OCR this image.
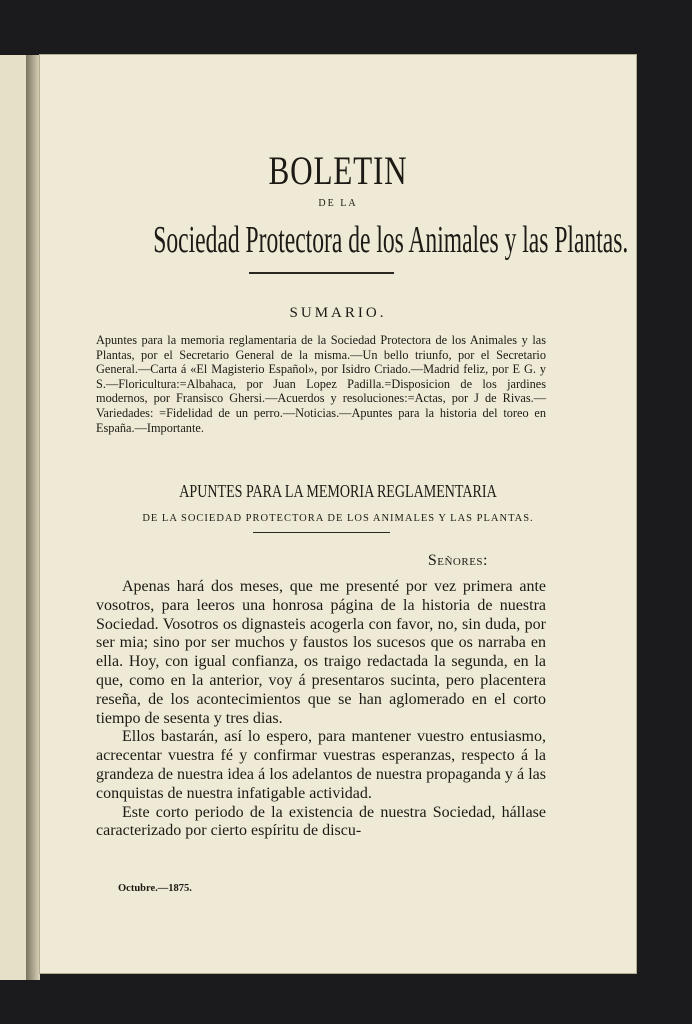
BOLETIN
DE LA
Sociedad Protectora de los Animales y las Plantas.
SUMARIO.
Apuntes para la memoria reglamentaria de la Sociedad Protectora de los Animales y las Plantas, por el Secretario General de la misma.—Un bello triunfo, por el Secretario General.—Carta á «El Magisterio Español», por Isidro Criado.—Madrid feliz, por E G. y S.—Floricultura:=Albahaca, por Juan Lopez Padilla.=Disposicion de los jardines modernos, por Fransisco Ghersi.—Acuerdos y resoluciones:=Actas, por J de Rivas.— Variedades: =Fidelidad de un perro.—Noticias.—Apuntes para la historia del toreo en España.—Importante.
APUNTES PARA LA MEMORIA REGLAMENTARIA
DE LA SOCIEDAD PROTECTORA DE LOS ANIMALES Y LAS PLANTAS.
Señores:

Apenas hará dos meses, que me presenté por vez primera ante vosotros, para leeros una honrosa página de la historia de nuestra Sociedad. Vosotros os dignasteis acogerla con favor, no, sin duda, por ser mia; sino por ser muchos y faustos los sucesos que os narraba en ella. Hoy, con igual confianza, os traigo redactada la segunda, en la que, como en la anterior, voy á presentaros sucinta, pero placentera reseña, de los acontecimientos que se han aglomerado en el corto tiempo de sesenta y tres dias.

Ellos bastarán, así lo espero, para mantener vuestro entusiasmo, acrecentar vuestra fé y confirmar vuestras esperanzas, respecto á la grandeza de nuestra idea á los adelantos de nuestra propaganda y á las conquistas de nuestra infatigable actividad.

Este corto periodo de la existencia de nuestra Sociedad, hállase caracterizado por cierto espíritu de discu-

Octubre.—1875.
